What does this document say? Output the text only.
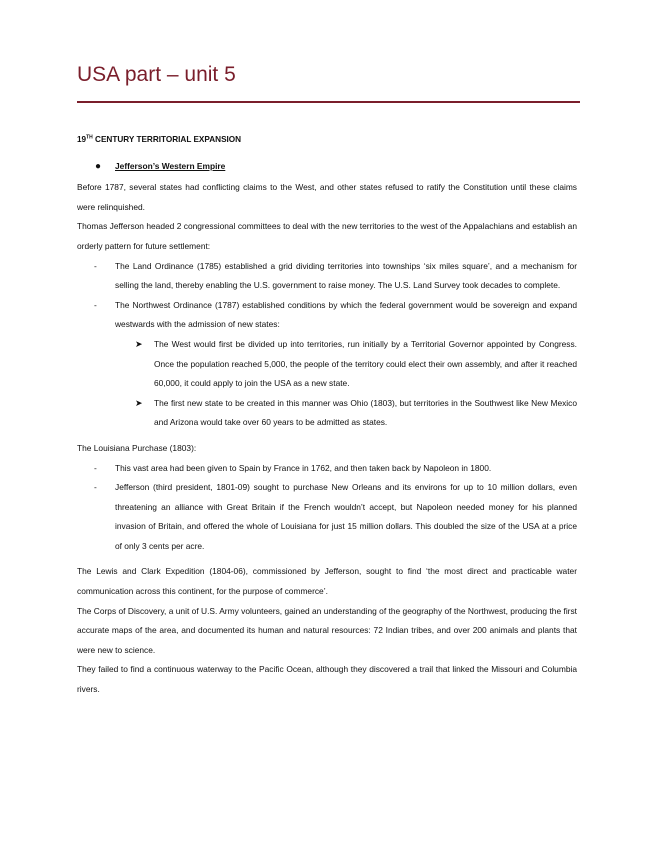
USA part – unit 5

19TH CENTURY TERRITORIAL EXPANSION

●	Jefferson’s Western Empire

Before 1787, several states had conflicting claims to the West, and other states refused to ratify the Constitution until these claims were relinquished.

Thomas Jefferson headed 2 congressional committees to deal with the new territories to the west of the Appalachians and establish an orderly pattern for future settlement:

-	The Land Ordinance (1785) established a grid dividing territories into townships ‘six miles square’, and a mechanism for selling the land, thereby enabling the U.S. government to raise money. The U.S. Land Survey took decades to complete.
-	The Northwest Ordinance (1787) established conditions by which the federal government would be sovereign and expand westwards with the admission of new states:
➤	The West would first be divided up into territories, run initially by a Territorial Governor appointed by Congress. Once the population reached 5,000, the people of the territory could elect their own assembly, and after it reached 60,000, it could apply to join the USA as a new state.
➤	The first new state to be created in this manner was Ohio (1803), but territories in the Southwest like New Mexico and Arizona would take over 60 years to be admitted as states.

The Louisiana Purchase (1803):

-	This vast area had been given to Spain by France in 1762, and then taken back by Napoleon in 1800.
-	Jefferson (third president, 1801-09) sought to purchase New Orleans and its environs for up to 10 million dollars, even threatening an alliance with Great Britain if the French wouldn’t accept, but Napoleon needed money for his planned invasion of Britain, and offered the whole of Louisiana for just 15 million dollars. This doubled the size of the USA at a price of only 3 cents per acre.

The Lewis and Clark Expedition (1804-06), commissioned by Jefferson, sought to find ‘the most direct and practicable water communication across this continent, for the purpose of commerce’.

The Corps of Discovery, a unit of U.S. Army volunteers, gained an understanding of the geography of the Northwest, producing the first accurate maps of the area, and documented its human and natural resources: 72 Indian tribes, and over 200 animals and plants that were new to science.

They failed to find a continuous waterway to the Pacific Ocean, although they discovered a trail that linked the Missouri and Columbia rivers.
